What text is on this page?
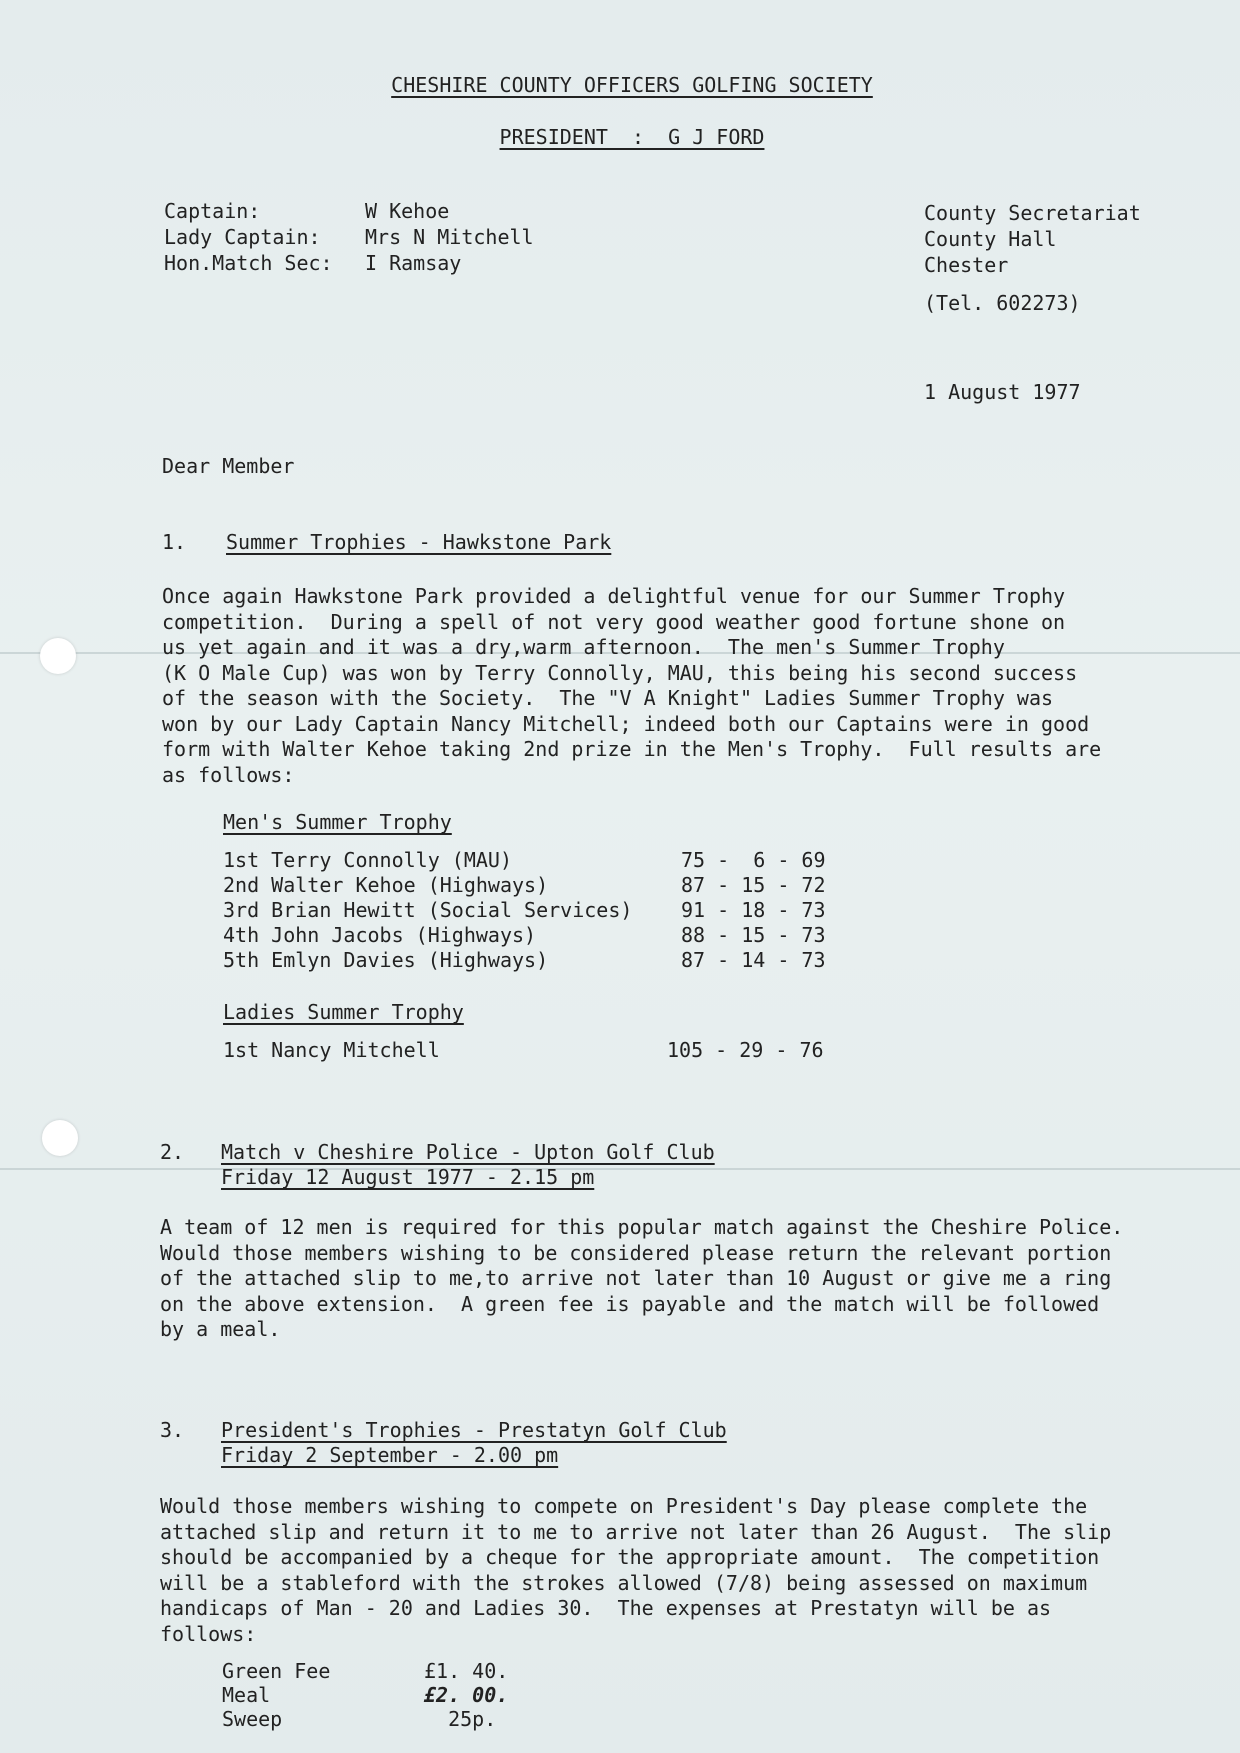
CHESHIRE COUNTY OFFICERS GOLFING SOCIETY
PRESIDENT  :  G J FORD
Captain:	W Kehoe
Lady Captain: Mrs N Mitchell
Hon.Match Sec: I Ramsay
County Secretariat
County Hall
Chester
(Tel. 602273)
1 August 1977
Dear Member
1. Summer Trophies - Hawkstone Park
Once again Hawkstone Park provided a delightful venue for our Summer Trophy
competition.  During a spell of not very good weather good fortune shone on
us yet again and it was a dry,warm afternoon.  The men's Summer Trophy
(K O Male Cup) was won by Terry Connolly, MAU, this being his second success
of the season with the Society.  The "V A Knight" Ladies Summer Trophy was
won by our Lady Captain Nancy Mitchell; indeed both our Captains were in good
form with Walter Kehoe taking 2nd prize in the Men's Trophy.  Full results are
as follows:
Men's Summer Trophy
1st Terry Connolly (MAU)	75 -  6 - 69
2nd Walter Kehoe (Highways)	87 - 15 - 72
3rd Brian Hewitt (Social Services) 91 - 18 - 73
4th John Jacobs (Highways)	88 - 15 - 73
5th Emlyn Davies (Highways)	87 - 14 - 73
Ladies Summer Trophy
1st Nancy Mitchell	105 - 29 - 76
2. Match v Cheshire Police - Upton Golf Club
Friday 12 August 1977 - 2.15 pm
A team of 12 men is required for this popular match against the Cheshire Police.
Would those members wishing to be considered please return the relevant portion
of the attached slip to me,to arrive not later than 10 August or give me a ring
on the above extension.  A green fee is payable and the match will be followed
by a meal.
3. President's Trophies - Prestatyn Golf Club
Friday 2 September - 2.00 pm
Would those members wishing to compete on President's Day please complete the
attached slip and return it to me to arrive not later than 26 August.  The slip
should be accompanied by a cheque for the appropriate amount.  The competition
will be a stableford with the strokes allowed (7/8) being assessed on maximum
handicaps of Man - 20 and Ladies 30.  The expenses at Prestatyn will be as
follows:
Green Fee	£1. 40.
Meal	£2. 00.
Sweep	25p.
